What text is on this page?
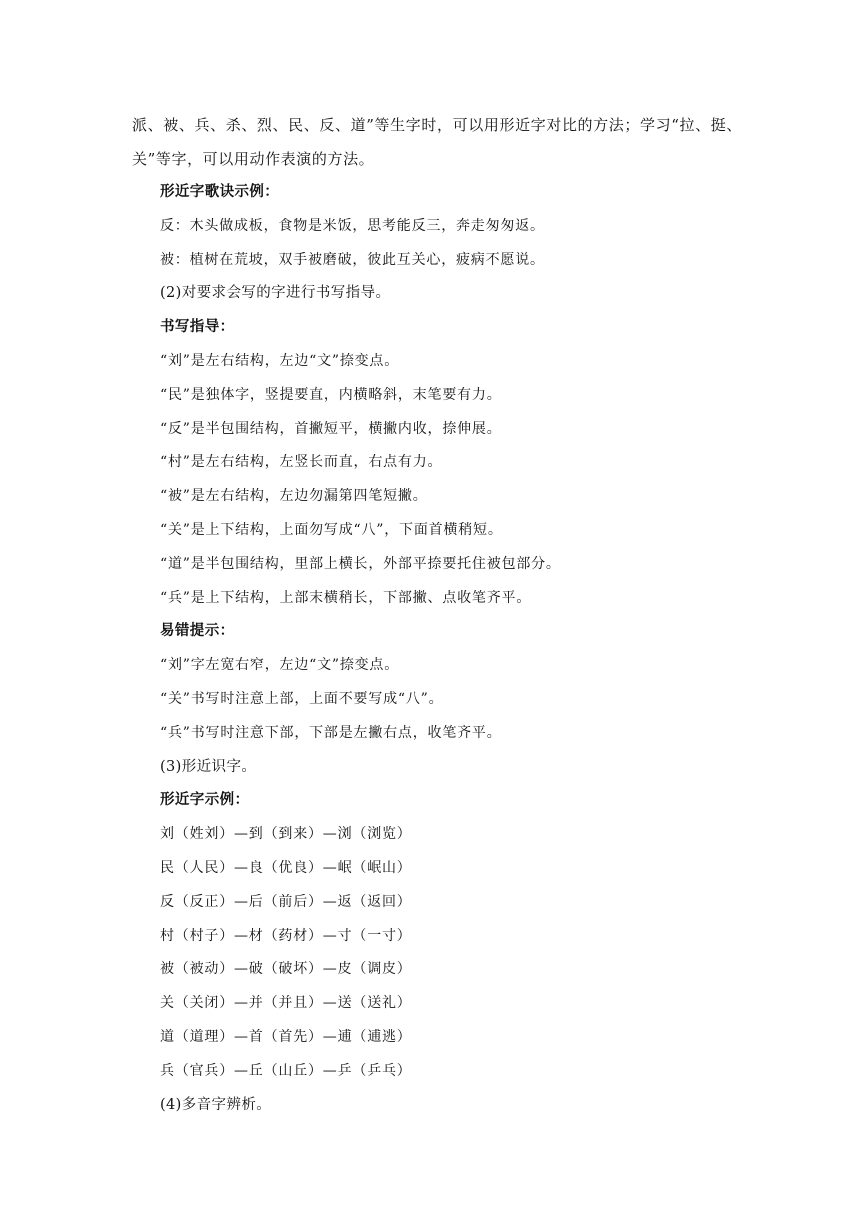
派、被、兵、杀、烈、民、反、道”等生字时，可以用形近字对比的方法；学习“拉、挺、关”等字，可以用动作表演的方法。
形近字歌诀示例：
反：木头做成板，食物是米饭，思考能反三，奔走匆匆返。
被：植树在荒坡，双手被磨破，彼此互关心，疲病不愿说。
(2)对要求会写的字进行书写指导。
书写指导：
“刘”是左右结构，左边“文”捺变点。
“民”是独体字，竖提要直，内横略斜，末笔要有力。
“反”是半包围结构，首撇短平，横撇内收，捺伸展。
“村”是左右结构，左竖长而直，右点有力。
“被”是左右结构，左边勿漏第四笔短撇。
“关”是上下结构，上面勿写成“八”，下面首横稍短。
“道”是半包围结构，里部上横长，外部平捺要托住被包部分。
“兵”是上下结构，上部末横稍长，下部撇、点收笔齐平。
易错提示：
“刘”字左宽右窄，左边“文”捺变点。
“关”书写时注意上部，上面不要写成“八”。
“兵”书写时注意下部，下部是左撇右点，收笔齐平。
(3)形近识字。
形近字示例：
刘（姓刘）—到（到来）—浏（浏览）
民（人民）—良（优良）—岷（岷山）
反（反正）—后（前后）—返（返回）
村（村子）—材（药材）—寸（一寸）
被（被动）—破（破坏）—皮（调皮）
关（关闭）—并（并且）—送（送礼）
道（道理）—首（首先）—逋（逋逃）
兵（官兵）—丘（山丘）—乒（乒乓）
(4)多音字辨析。
